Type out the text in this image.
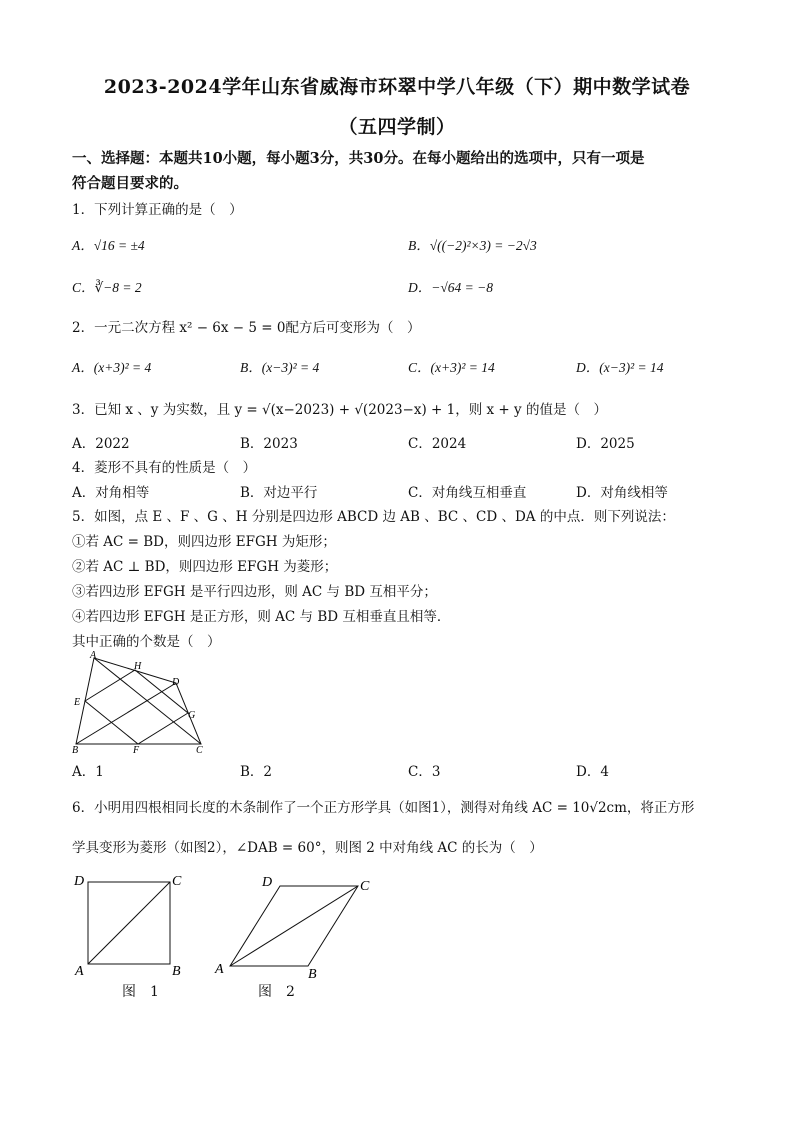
2023-2024学年山东省威海市环翠中学八年级（下）期中数学试卷
（五四学制）
一、选择题：本题共10小题，每小题3分，共30分。在每小题给出的选项中，只有一项是
符合题目要求的。
1．下列计算正确的是（　）
A．√16 = ±4	B．√((−2)²×3) = −2√3
C．∛−8 = 2	D．−√64 = −8
2．一元二次方程 x² − 6x − 5 = 0配方后可变形为（　）
A．(x+3)² = 4	B．(x−3)² = 4	C．(x+3)² = 14	D．(x−3)² = 14
3．已知 x 、y 为实数，且 y = √(x−2023) + √(2023−x) + 1，则 x + y 的值是（　）
A．2022	B．2023	C．2024	D．2025
4．菱形不具有的性质是（　）
A．对角相等	B．对边平行	C．对角线互相垂直	D．对角线相等
5．如图，点 E 、F 、G 、H 分别是四边形 ABCD 边 AB 、BC 、CD 、DA 的中点．则下列说法：
①若 AC = BD，则四边形 EFGH 为矩形；
②若 AC ⊥ BD，则四边形 EFGH 为菱形；
③若四边形 EFGH 是平行四边形，则 AC 与 BD 互相平分；
④若四边形 EFGH 是正方形，则 AC 与 BD 互相垂直且相等．
其中正确的个数是（　）
A
H
D
E
G
B	F	C
A．1	B．2	C．3	D．4
6．小明用四根相同长度的木条制作了一个正方形学具（如图1），测得对角线 AC = 10√2cm，将正方形
学具变形为菱形（如图2），∠DAB = 60°，则图 2 中对角线 AC 的长为（　）
D	C
A	B
D	C
A	B
图　1	图　2
